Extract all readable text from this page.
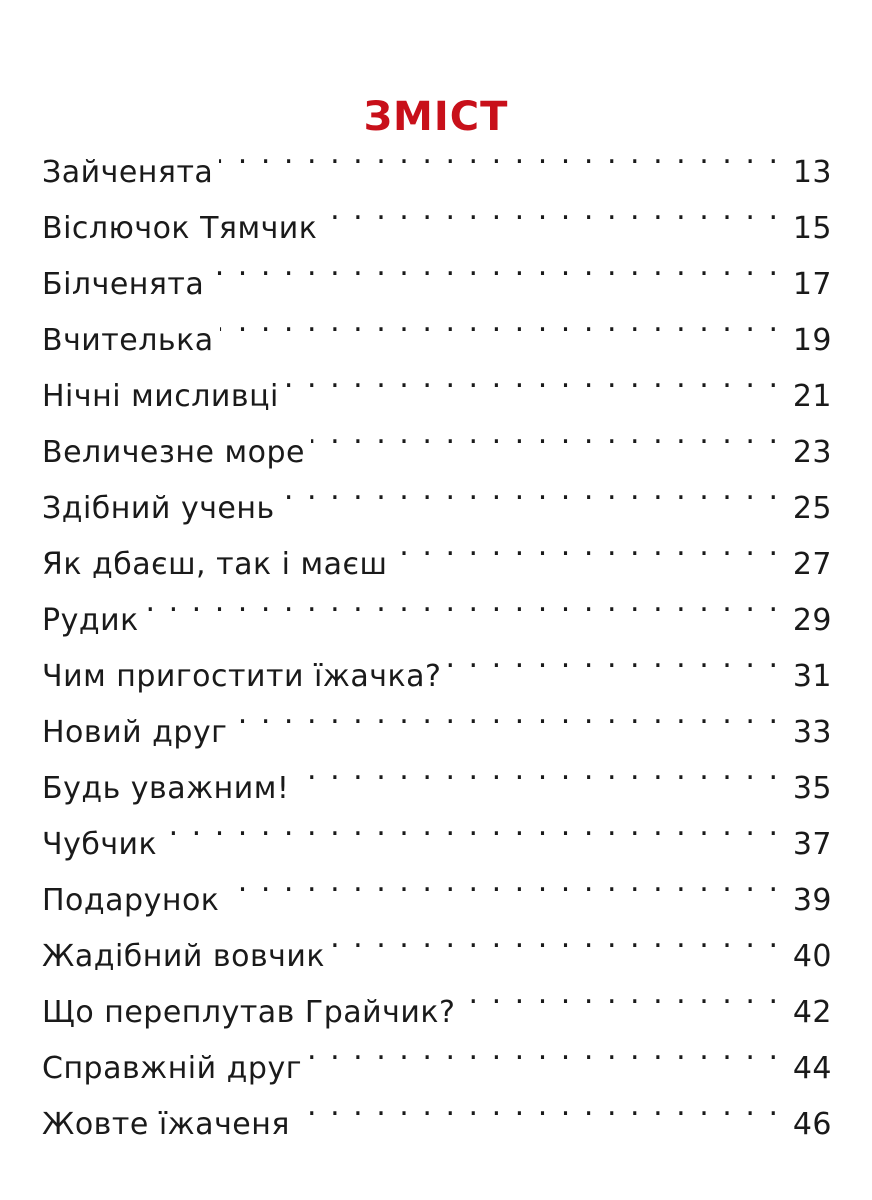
ЗМІСТ
Зайченята . . .	13
Віслючок Тямчик . . .	15
Білченята . . .	17
Вчителька . . .	19
Нічні мисливці . . .	21
Величезне море . . .	23
Здібний учень . . .	25
Як дбаєш, так і маєш . . .	27
Рудик . . .	29
Чим пригостити їжачка? . . .	31
Новий друг . . .	33
Будь уважним! . . .	35
Чубчик . . .	37
Подарунок . . .	39
Жадібний вовчик . . .	40
Що переплутав Грайчик? . . .	42
Справжній друг . . .	44
Жовте їжаченя . . .	46
